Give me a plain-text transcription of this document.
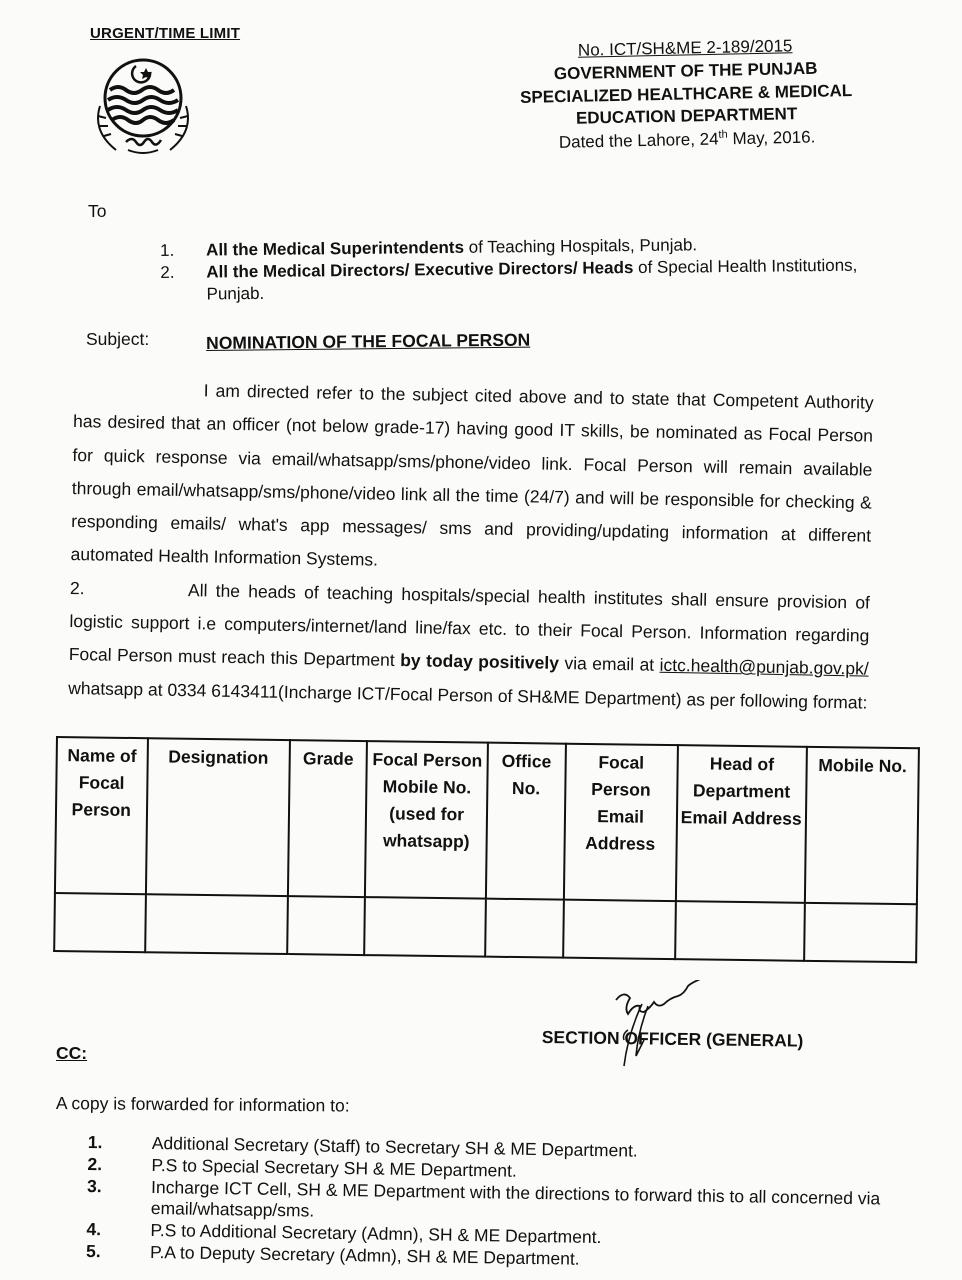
URGENT/TIME LIMIT
No. ICT/SH&ME 2-189/2015
GOVERNMENT OF THE PUNJAB
SPECIALIZED HEALTHCARE & MEDICAL
EDUCATION DEPARTMENT
Dated the Lahore, 24th May, 2016.
To
1.	All the Medical Superintendents of Teaching Hospitals, Punjab.
2.	All the Medical Directors/ Executive Directors/ Heads of Special Health Institutions, Punjab.
Subject:	NOMINATION OF THE FOCAL PERSON

I am directed refer to the subject cited above and to state that Competent Authority has desired that an officer (not below grade-17) having good IT skills, be nominated as Focal Person for quick response via email/whatsapp/sms/phone/video link. Focal Person will remain available through email/whatsapp/sms/phone/video link all the time (24/7) and will be responsible for checking & responding emails/ what's app messages/ sms and providing/updating information at different automated Health Information Systems.

2.	All the heads of teaching hospitals/special health institutes shall ensure provision of logistic support i.e computers/internet/land line/fax etc. to their Focal Person. Information regarding Focal Person must reach this Department by today positively via email at ictc.health@punjab.gov.pk/ whatsapp at 0334 6143411(Incharge ICT/Focal Person of SH&ME Department) as per following format:

Name of Focal Person	Designation	Grade	Focal Person Mobile No. (used for whatsapp)	Office No.	Focal Person Email Address	Head of Department Email Address	Mobile No.

SECTION OFFICER (GENERAL)
CC:
A copy is forwarded for information to:
1.	Additional Secretary (Staff) to Secretary SH & ME Department.
2.	P.S to Special Secretary SH & ME Department.
3.	Incharge ICT Cell, SH & ME Department with the directions to forward this to all concerned via email/whatsapp/sms.
4.	P.S to Additional Secretary (Admn), SH & ME Department.
5.	P.A to Deputy Secretary (Admn), SH & ME Department.
